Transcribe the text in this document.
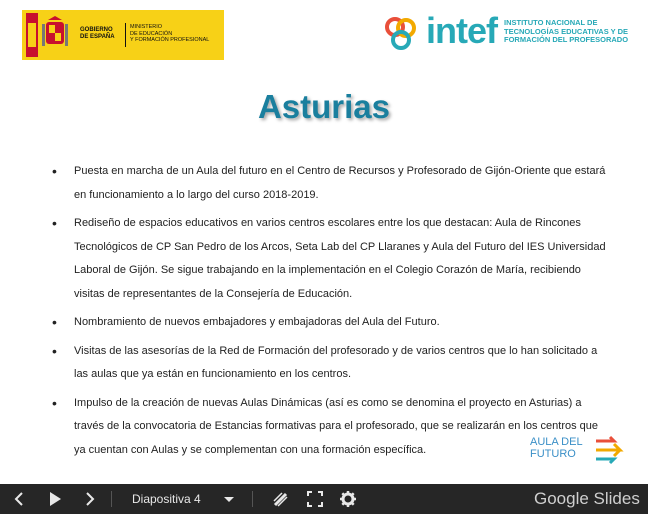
GOBIERNO
DE ESPAÑA
MINISTERIO
DE EDUCACIÓN
Y FORMACIÓN PROFESIONAL	intef INSTITUTO NACIONAL DE
TECNOLOGÍAS EDUCATIVAS Y DE
FORMACIÓN DEL PROFESORADO
Asturias
• Puesta en marcha de un Aula del futuro en el Centro de Recursos y Profesorado de Gijón-Oriente que estará en funcionamiento a lo largo del curso 2018-2019.
• Rediseño de espacios educativos en varios centros escolares entre los que destacan: Aula de Rincones Tecnológicos de CP San Pedro de los Arcos, Seta Lab del CP Llaranes y Aula del Futuro del IES Universidad Laboral de Gijón. Se sigue trabajando en la implementación en el Colegio Corazón de María, recibiendo visitas de representantes de la Consejería de Educación.
• Nombramiento de nuevos embajadores y embajadoras del Aula del Futuro.
• Visitas de las asesorías de la Red de Formación del profesorado y de varios centros que lo han solicitado a las aulas que ya están en funcionamiento en los centros.
• Impulso de la creación de nuevas Aulas Dinámicas (así es como se denomina el proyecto en Asturias) a través de la convocatoria de Estancias formativas para el profesorado, que se realizarán en los centros que ya cuentan con Aulas y se complementan con una formación específica.
AULA DEL
FUTURO
Diapositiva 4	Google Slides
